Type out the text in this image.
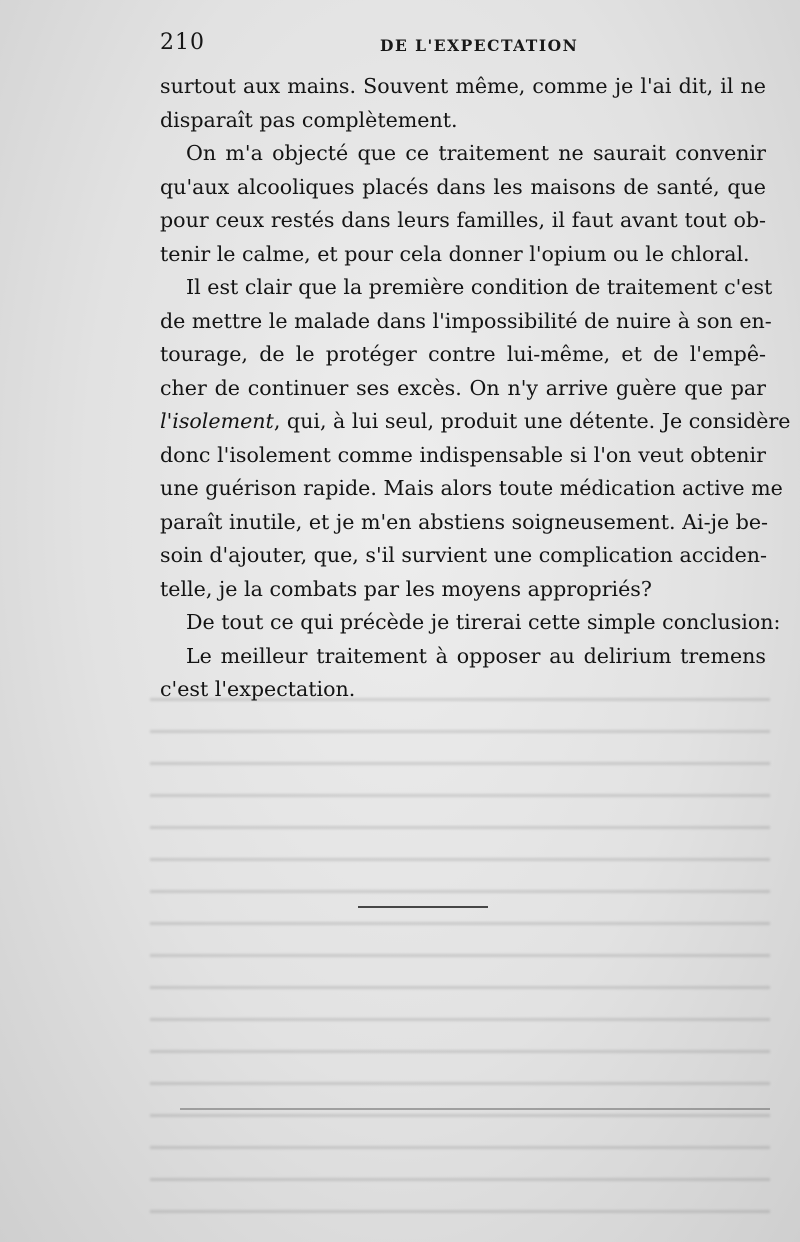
210	DE L'EXPECTATION
surtout aux mains. Souvent même, comme je l'ai dit, il ne
disparaît pas complètement.
On m'a objecté que ce traitement ne saurait convenir
qu'aux alcooliques placés dans les maisons de santé, que
pour ceux restés dans leurs familles, il faut avant tout ob-
tenir le calme, et pour cela donner l'opium ou le chloral.
Il est clair que la première condition de traitement c'est
de mettre le malade dans l'impossibilité de nuire à son en-
tourage, de le protéger contre lui-même, et de l'empê-
cher de continuer ses excès. On n'y arrive guère que par
l'isolement, qui, à lui seul, produit une détente. Je considère
donc l'isolement comme indispensable si l'on veut obtenir
une guérison rapide. Mais alors toute médication active me
paraît inutile, et je m'en abstiens soigneusement. Ai-je be-
soin d'ajouter, que, s'il survient une complication acciden-
telle, je la combats par les moyens appropriés?
De tout ce qui précède je tirerai cette simple conclusion:
Le meilleur traitement à opposer au delirium tremens
c'est l'expectation.
